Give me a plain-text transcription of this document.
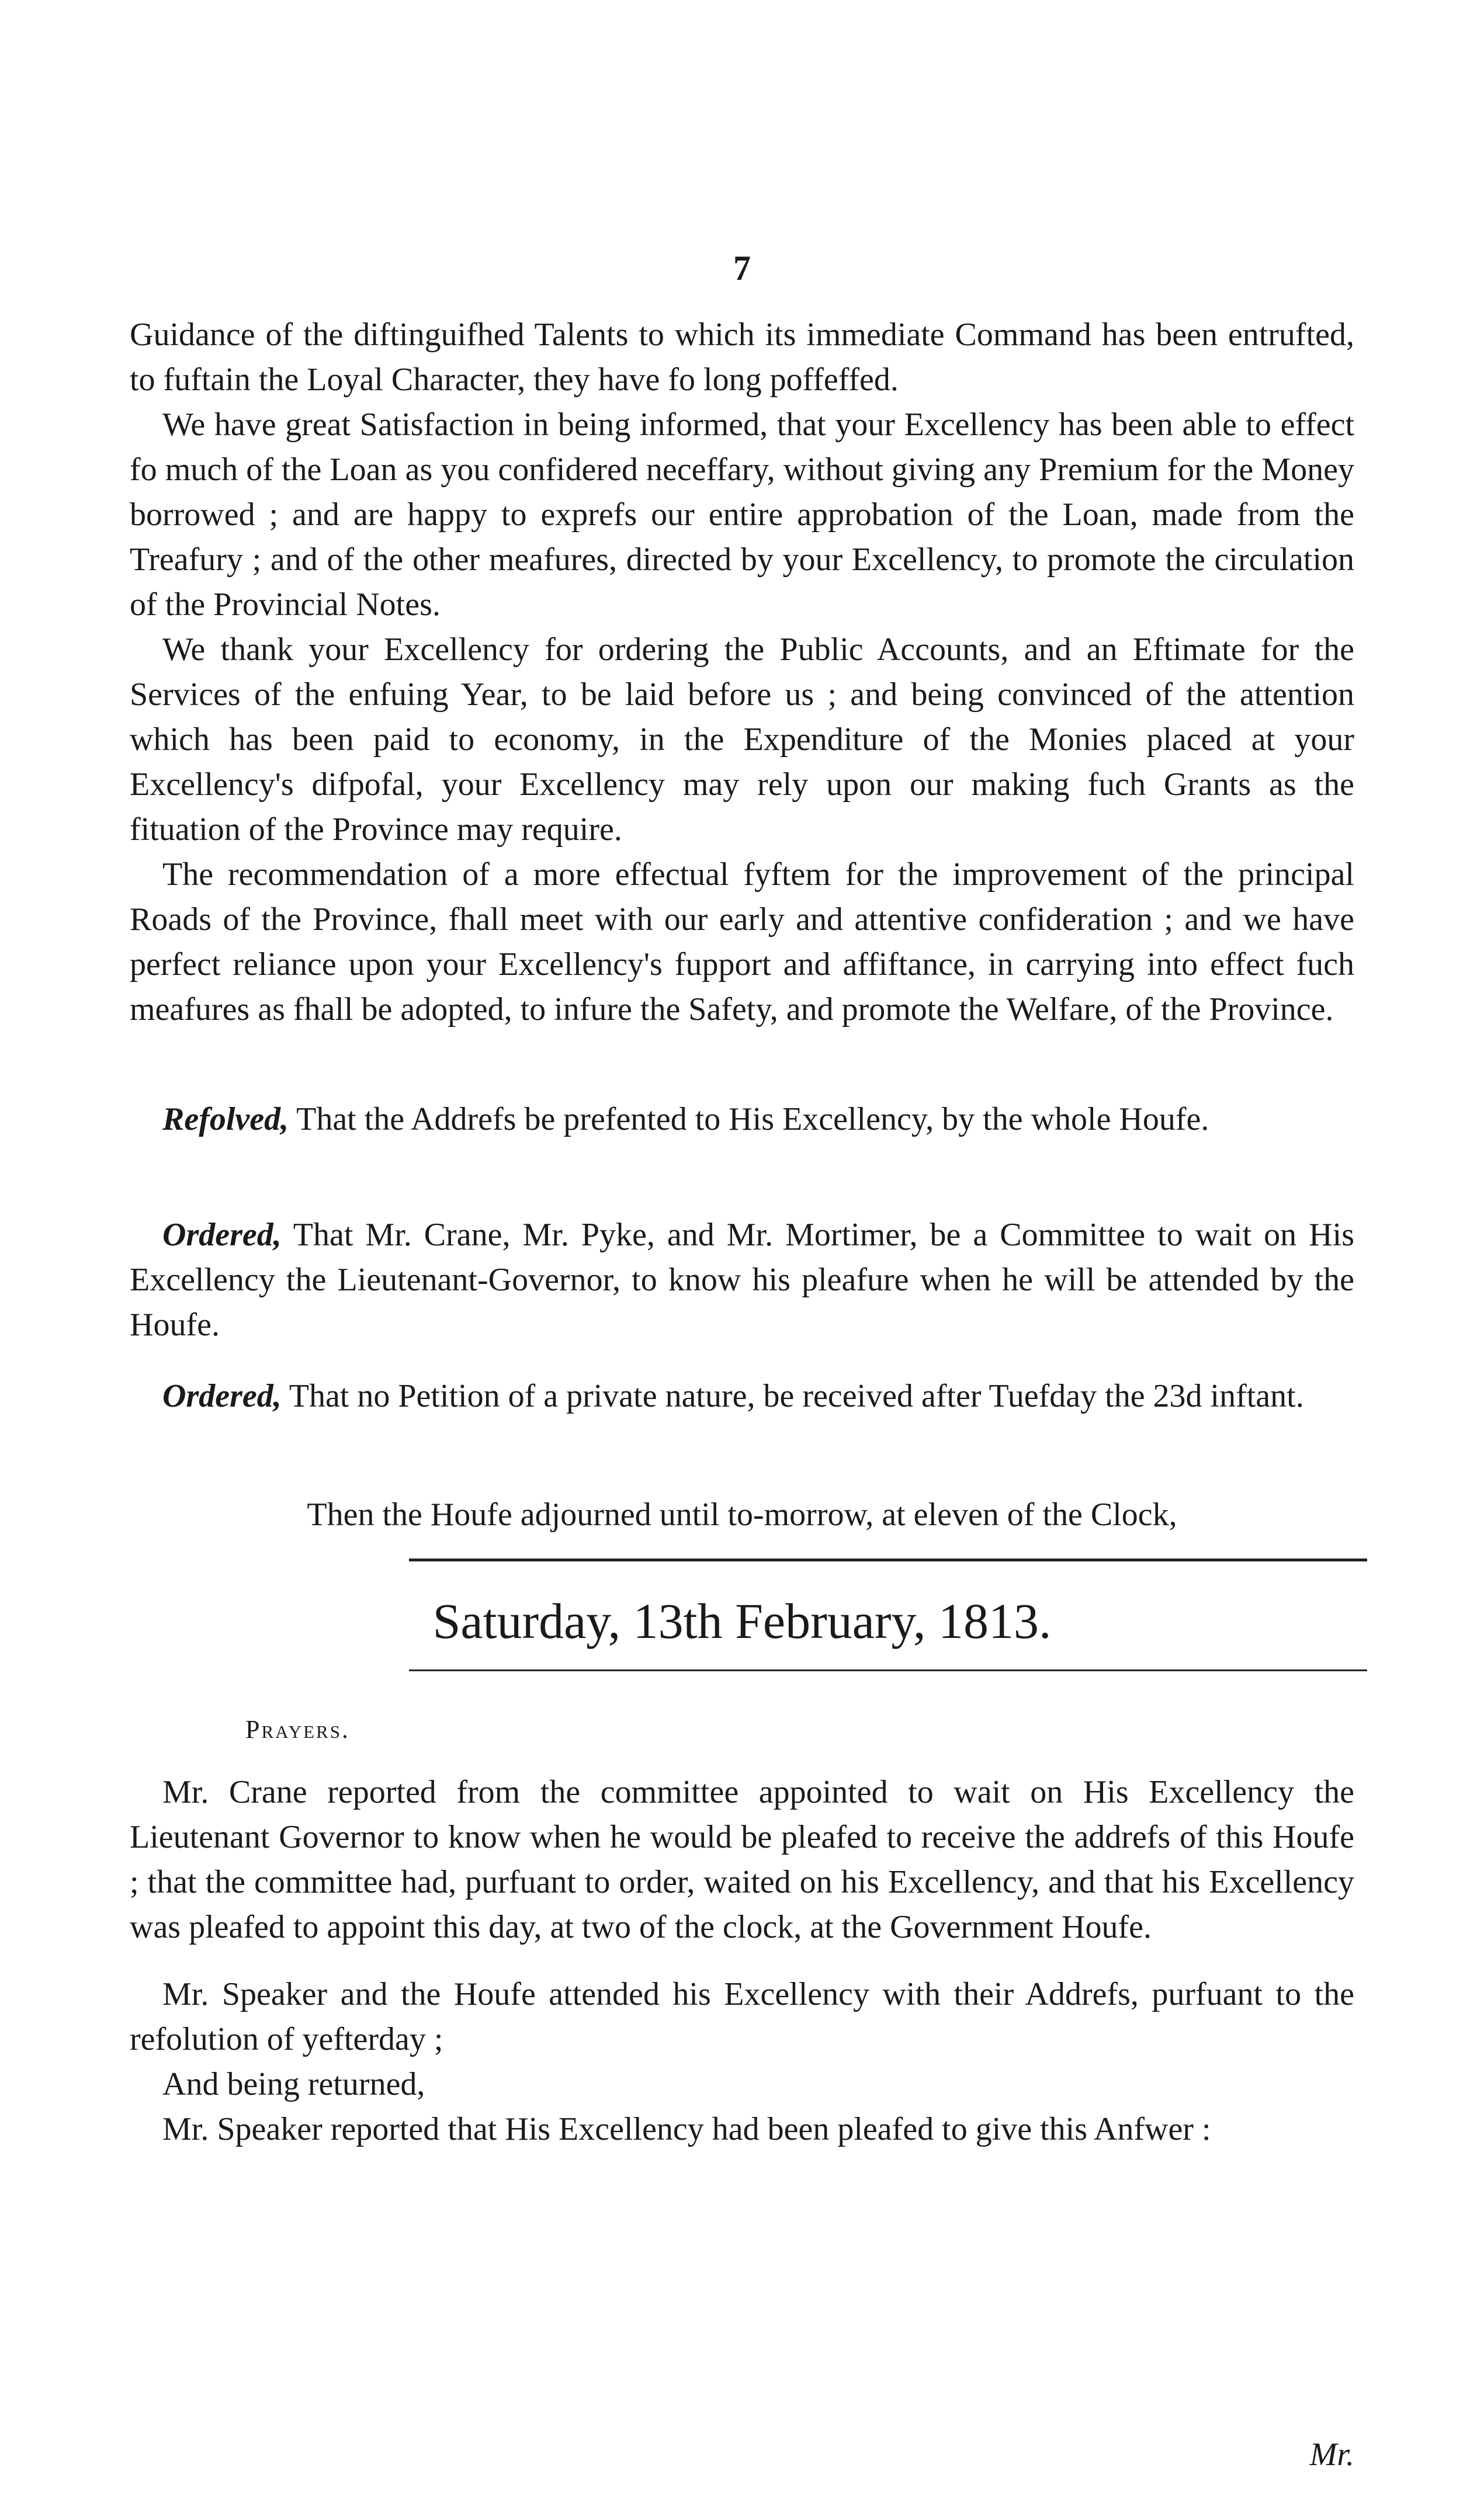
7

Guidance of the diftinguifhed Talents to which its immediate Command has been entrufted, to fuftain the Loyal Character, they have fo long poffeffed.

We have great Satisfaction in being informed, that your Excellency has been able to effect fo much of the Loan as you confidered neceffary, without giving any Premium for the Money borrowed ; and are happy to exprefs our entire approbation of the Loan, made from the Treafury ; and of the other meafures, directed by your Excellency, to promote the circulation of the Provincial Notes.

We thank your Excellency for ordering the Public Accounts, and an Eftimate for the Services of the enfuing Year, to be laid before us ; and being convinced of the attention which has been paid to economy, in the Expenditure of the Monies placed at your Excellency's difpofal, your Excellency may rely upon our making fuch Grants as the fituation of the Province may require.

The recommendation of a more effectual fyftem for the improvement of the principal Roads of the Province, fhall meet with our early and attentive confideration ; and we have perfect reliance upon your Excellency's fupport and affiftance, in carrying into effect fuch meafures as fhall be adopted, to infure the Safety, and promote the Welfare, of the Province.

Refolved, That the Addrefs be prefented to His Excellency, by the whole Houfe.

Ordered, That Mr. Crane, Mr. Pyke, and Mr. Mortimer, be a Committee to wait on His Excellency the Lieutenant-Governor, to know his pleafure when he will be attended by the Houfe.

Ordered, That no Petition of a private nature, be received after Tuefday the 23d inftant.

Then the Houfe adjourned until to-morrow, at eleven of the Clock,

Saturday, 13th February, 1813.
Prayers.

Mr. Crane reported from the committee appointed to wait on His Excellency the Lieutenant Governor to know when he would be pleafed to receive the addrefs of this Houfe ; that the committee had, purfuant to order, waited on his Excellency, and that his Excellency was pleafed to appoint this day, at two of the clock, at the Government Houfe.

Mr. Speaker and the Houfe attended his Excellency with their Addrefs, purfuant to the refolution of yefterday ;

And being returned,

Mr. Speaker reported that His Excellency had been pleafed to give this Anfwer :

Mr.
